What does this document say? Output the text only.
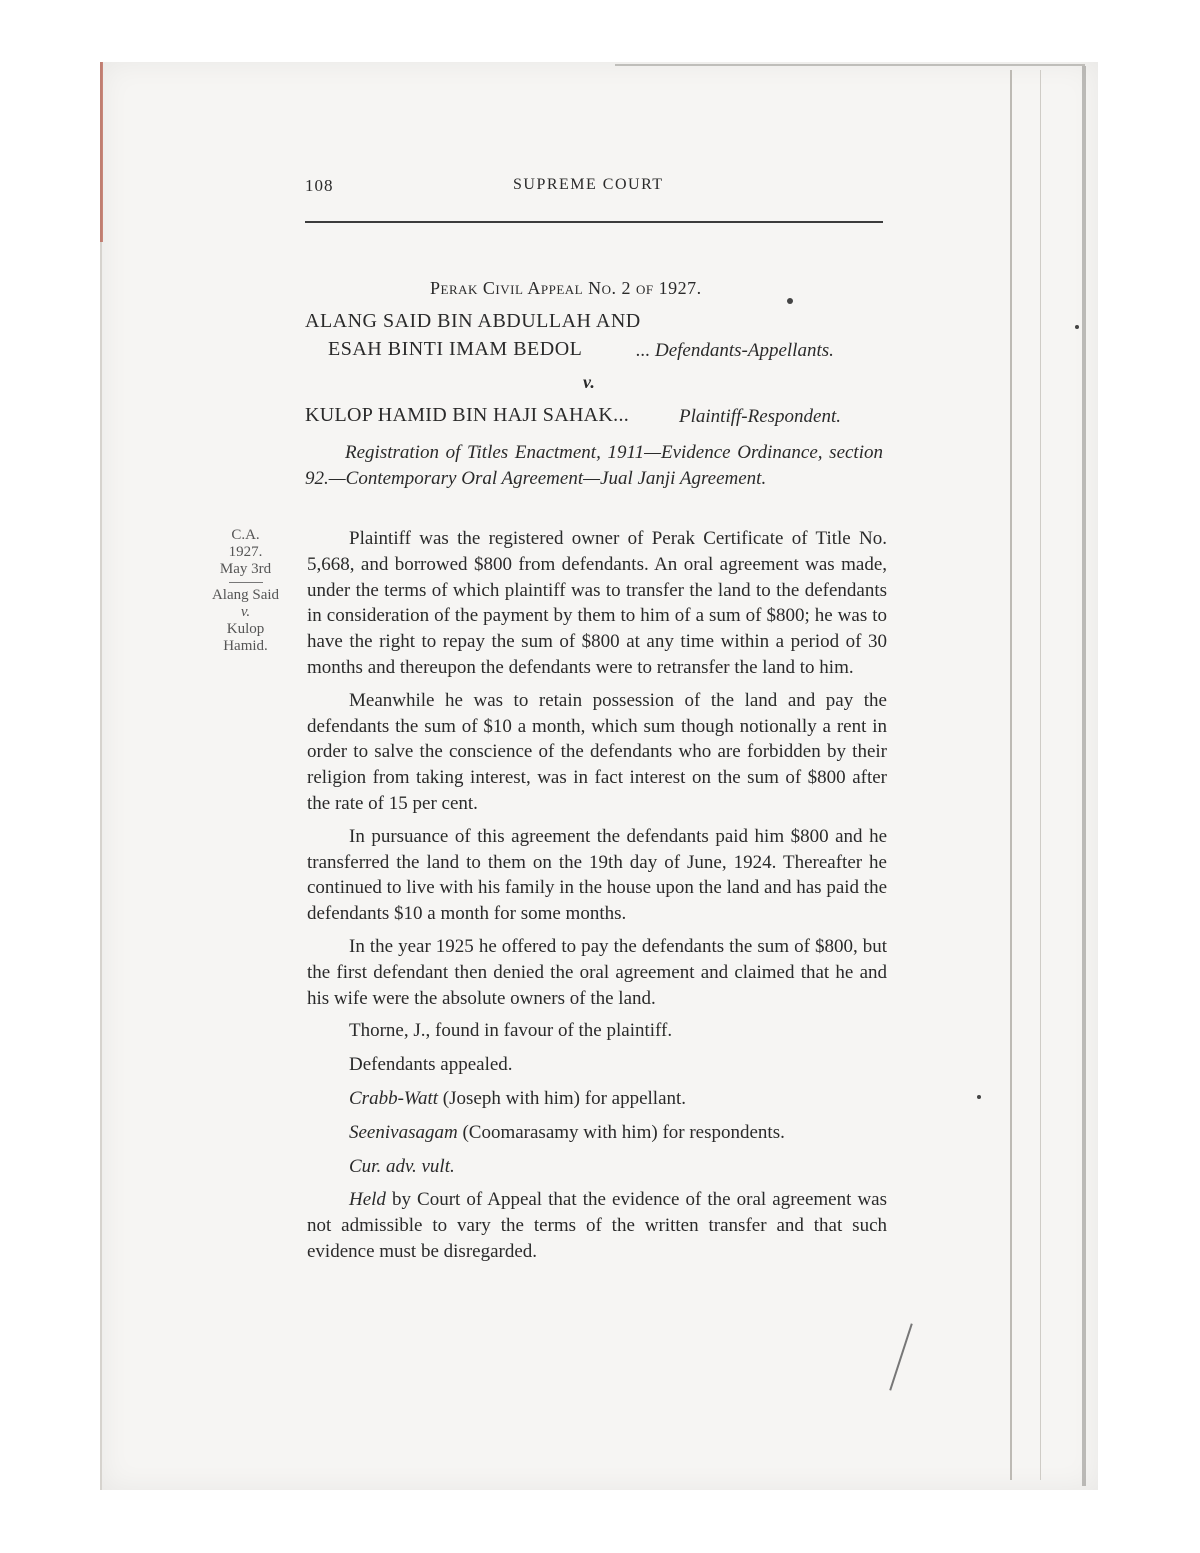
108	SUPREME COURT
Perak Civil Appeal No. 2 of 1927.
ALANG SAID BIN ABDULLAH AND
ESAH BINTI IMAM BEDOL	... Defendants-Appellants.
v.
KULOP HAMID BIN HAJI SAHAK...	Plaintiff-Respondent.
Registration of Titles Enactment, 1911—Evidence Ordinance, section 92.—Contemporary Oral Agreement—Jual Janji Agreement.
C.A.
1927.
May 3rd
Alang Said
v.
Kulop
Hamid.

Plaintiff was the registered owner of Perak Certificate of Title No. 5,668, and borrowed $800 from defendants. An oral agreement was made, under the terms of which plaintiff was to transfer the land to the defendants in consideration of the payment by them to him of a sum of $800; he was to have the right to repay the sum of $800 at any time within a period of 30 months and thereupon the defendants were to retransfer the land to him.

Meanwhile he was to retain possession of the land and pay the defendants the sum of $10 a month, which sum though notionally a rent in order to salve the conscience of the defendants who are forbidden by their religion from taking interest, was in fact interest on the sum of $800 after the rate of 15 per cent.

In pursuance of this agreement the defendants paid him $800 and he transferred the land to them on the 19th day of June, 1924. Thereafter he continued to live with his family in the house upon the land and has paid the defendants $10 a month for some months.

In the year 1925 he offered to pay the defendants the sum of $800, but the first defendant then denied the oral agreement and claimed that he and his wife were the absolute owners of the land.

Thorne, J., found in favour of the plaintiff.

Defendants appealed.

Crabb-Watt (Joseph with him) for appellant.

Seenivasagam (Coomarasamy with him) for respondents.

Cur. adv. vult.

Held by Court of Appeal that the evidence of the oral agreement was not admissible to vary the terms of the written transfer and that such evidence must be disregarded.
